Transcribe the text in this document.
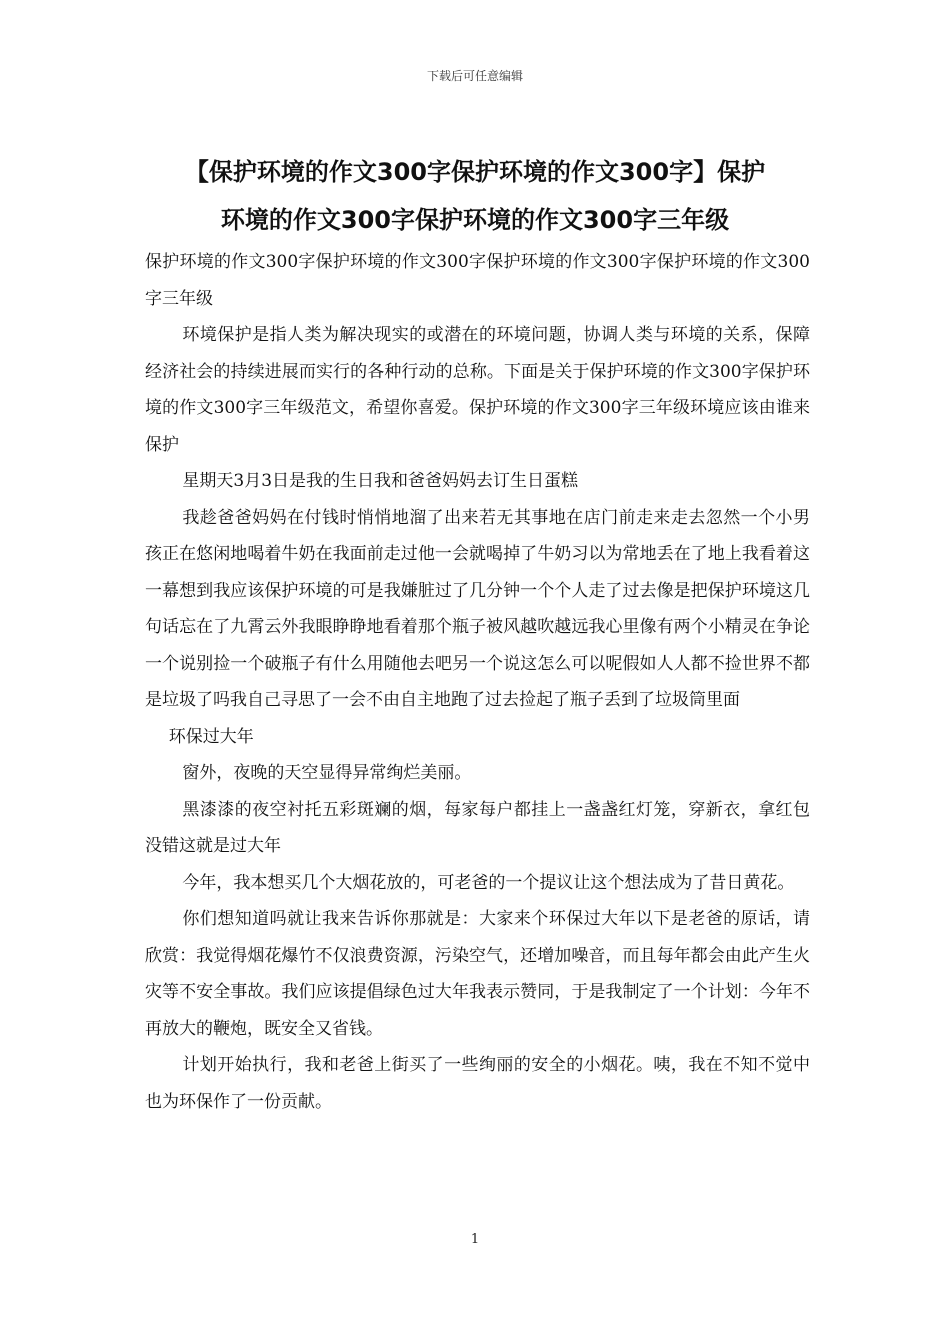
下载后可任意编辑
【保护环境的作文300字保护环境的作文300字】保护
环境的作文300字保护环境的作文300字三年级

保护环境的作文300字保护环境的作文300字保护环境的作文300字保护环境的作文300字三年级

环境保护是指人类为解决现实的或潜在的环境问题，协调人类与环境的关系，保障经济社会的持续进展而实行的各种行动的总称。下面是关于保护环境的作文300字保护环境的作文300字三年级范文，希望你喜爱。保护环境的作文300字三年级环境应该由谁来保护

星期天3月3日是我的生日我和爸爸妈妈去订生日蛋糕

我趁爸爸妈妈在付钱时悄悄地溜了出来若无其事地在店门前走来走去忽然一个小男孩正在悠闲地喝着牛奶在我面前走过他一会就喝掉了牛奶习以为常地丢在了地上我看着这一幕想到我应该保护环境的可是我嫌脏过了几分钟一个个人走了过去像是把保护环境这几句话忘在了九霄云外我眼睁睁地看着那个瓶子被风越吹越远我心里像有两个小精灵在争论一个说别捡一个破瓶子有什么用随他去吧另一个说这怎么可以呢假如人人都不捡世界不都是垃圾了吗我自己寻思了一会不由自主地跑了过去捡起了瓶子丢到了垃圾筒里面

环保过大年

窗外，夜晚的天空显得异常绚烂美丽。

黑漆漆的夜空衬托五彩斑斓的烟，每家每户都挂上一盏盏红灯笼，穿新衣，拿红包没错这就是过大年

今年，我本想买几个大烟花放的，可老爸的一个提议让这个想法成为了昔日黄花。

你们想知道吗就让我来告诉你那就是：大家来个环保过大年以下是老爸的原话，请欣赏：我觉得烟花爆竹不仅浪费资源，污染空气，还增加噪音，而且每年都会由此产生火灾等不安全事故。我们应该提倡绿色过大年我表示赞同，于是我制定了一个计划：今年不再放大的鞭炮，既安全又省钱。

计划开始执行，我和老爸上街买了一些绚丽的安全的小烟花。咦，我在不知不觉中也为环保作了一份贡献。

1
